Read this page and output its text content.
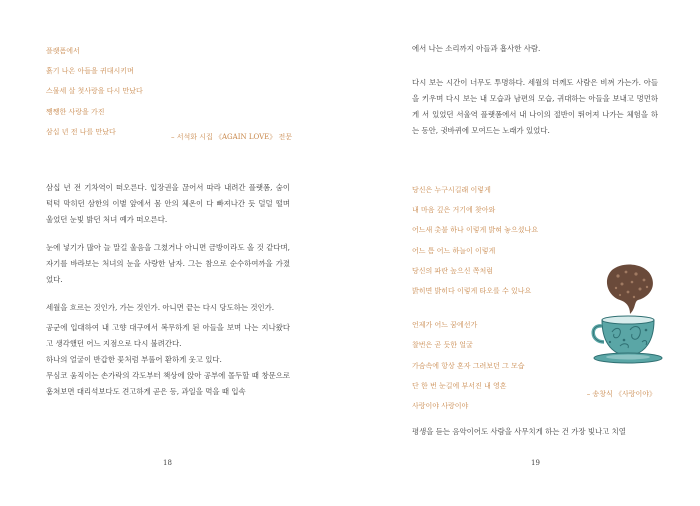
플랫폼에서
흙기 나온 아들을 귀대시키며
스물세 살 첫사랑을 다시 만났다
쨍쨍한 사랑을 가진
삼십 년 전 나를 만났다
– 서석화 시집 《AGAIN LOVE》 전문

삼십 년 전 기차역이 떠오른다. 입장권을 끊어서 따라 내려간 플랫폼, 숨이 턱턱 막히던 삼한의 이별 앞에서 몸 안의 체온이 다 빠져나간 듯 덜덜 떨며 울었던 눈빛 밝던 처녀 예가 떠오른다.

눈에 넣기가 많아 늘 말길 울음을 그쳤거나 아니면 금방이라도 올 것 같다며, 자기를 바라보는 처녀의 눈을 사랑한 남자. 그는 참으로 순수하여까을 가졌었다.

세월을 흐르는 것인가, 가는 것인가. 아니면 끝는 다시 당도하는 것인가.

공군에 입대하여 내 고향 대구에서 복무하게 된 아들을 보며 나는 지나왔다고 생각했던 어느 지점으로 다시 불려간다.

하나의 얼굴이 반갑한 꽃처럼 부풀어 환하게 웃고 있다.

무심코 움직이는 손가락의 각도부터 책상에 앉아 공부에 몰두할 때 창문으로 훔쳐보면 대리석보다도 견고하게 곧은 등, 과일을 먹을 때 입속

18

에서 나는 소리까지 아들과 흡사한 사람.

다시 보는 시간이 너무도 투명하다. 세월의 더께도 사람은 비껴 가는가. 아들을 키우며 다시 보는 내 모습과 남편의 모습, 귀대하는 아들을 보내고 멍먼하게 서 있었던 서울역 플랫폼에서 내 나이의 절반이 뛰어져 나가는 체험을 하는 동안, 귓바퀴에 모여드는 노래가 있었다.

당신은 누구시길래 이렇게
내 마음 깊은 거기에 찾아와
어느새 촛불 하나 이렇게 밝혀 놓으셨나요
어느 틈 어느 하늘이 이렇게
당신의 파란 높으신 쪽처럼
밝히면 밝히다 이렇게 타오를 수 있나요
언제가 어느 꿈에선가
찰번은 곧 듯한 얼굴
가슴속에 항상 혼자 그려보던 그 모습
단 한 번 눈길에 부서진 내 영혼
사랑이야 사랑이야
– 송창식 《사랑이야》

평생을 듣는 음악이어도 사람을 사무치게 하는 건 가장 빛나고 치열

19
